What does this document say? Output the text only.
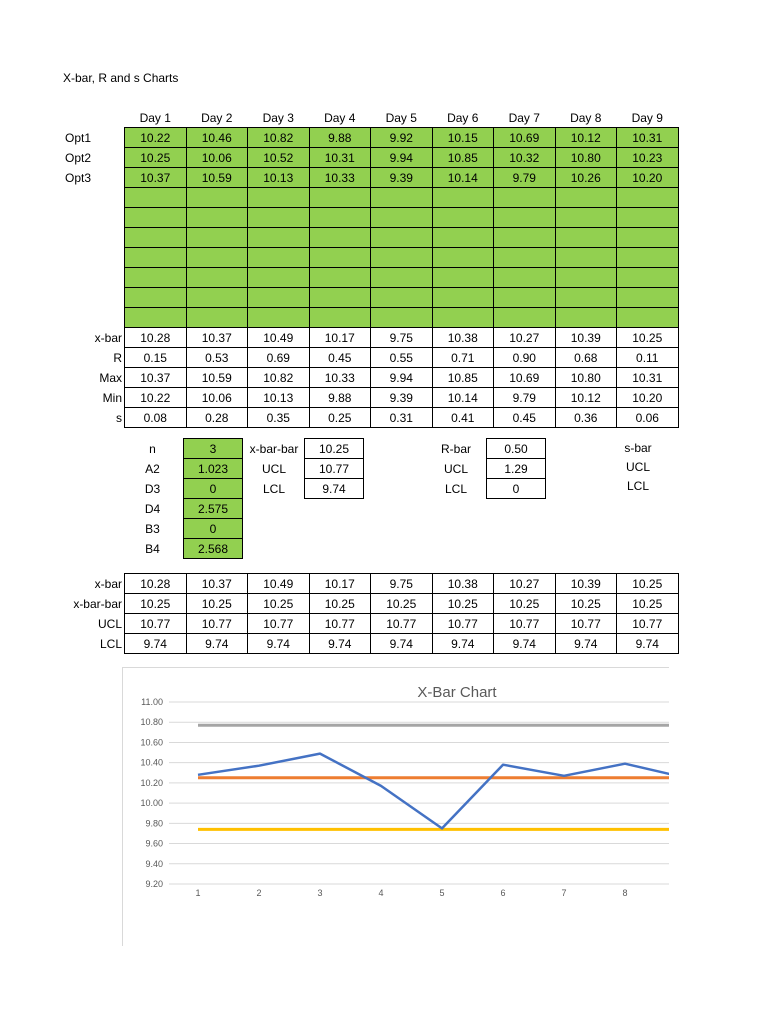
X-bar, R and s Charts
	Day 1	Day 2	Day 3	Day 4	Day 5	Day 6	Day 7	Day 8	Day 9
Opt1	10.22	10.46	10.82	9.88	9.92	10.15	10.69	10.12	10.31
Opt2	10.25	10.06	10.52	10.31	9.94	10.85	10.32	10.80	10.23
Opt3	10.37	10.59	10.13	10.33	9.39	10.14	9.79	10.26	10.20

x-bar	10.28	10.37	10.49	10.17	9.75	10.38	10.27	10.39	10.25
R	0.15	0.53	0.69	0.45	0.55	0.71	0.90	0.68	0.11
Max	10.37	10.59	10.82	10.33	9.94	10.85	10.69	10.80	10.31
Min	10.22	10.06	10.13	9.88	9.39	10.14	9.79	10.12	10.20
s	0.08	0.28	0.35	0.25	0.31	0.41	0.45	0.36	0.06
n	3
A2	1.023
D3	0
D4	2.575
B3	0
B4	2.568
x-bar-bar	10.25
UCL	10.77
LCL	9.74
R-bar	0.50
UCL	1.29
LCL	0
s-bar
UCL
LCL
x-bar	10.28	10.37	10.49	10.17	9.75	10.38	10.27	10.39	10.25
x-bar-bar	10.25	10.25	10.25	10.25	10.25	10.25	10.25	10.25	10.25
UCL	10.77	10.77	10.77	10.77	10.77	10.77	10.77	10.77	10.77
LCL	9.74	9.74	9.74	9.74	9.74	9.74	9.74	9.74	9.74
X-Bar Chart
9.20
9.40
9.60
9.80
10.00
10.20
10.40
10.60
10.80
11.00
1	2	3	4	5	6	7	8
